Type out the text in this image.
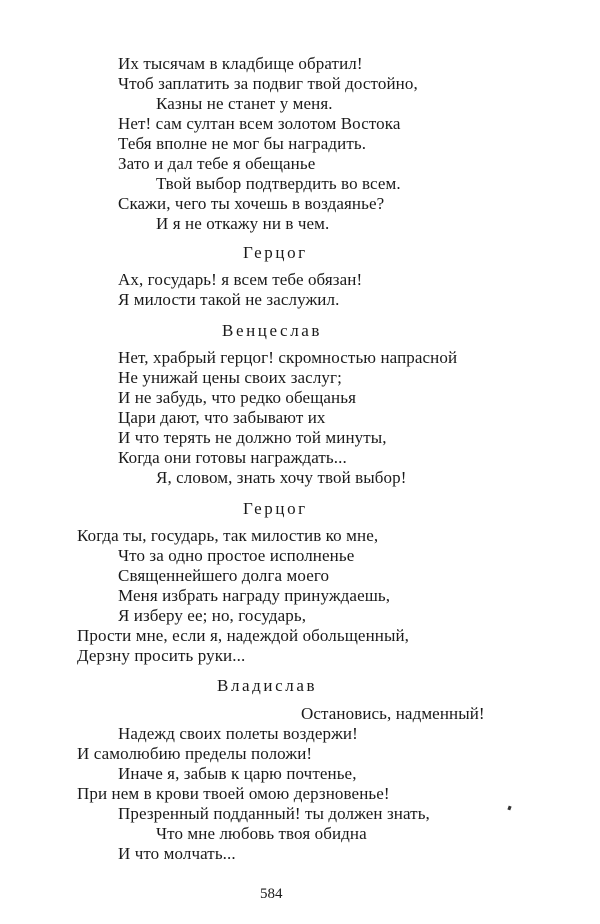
Их тысячам в кладбище обратил!
Чтоб заплатить за подвиг твой достойно,
Казны не станет у меня.
Нет! сам султан всем золотом Востока
Тебя вполне не мог бы наградить.
Зато и дал тебе я обещанье
Твой выбор подтвердить во всем.
Скажи, чего ты хочешь в воздаянье?
И я не откажу ни в чем.
Герцог
Ах, государь! я всем тебе обязан!
Я милости такой не заслужил.
Венцеслав
Нет, храбрый герцог! скромностью напрасной
Не унижай цены своих заслуг;
И не забудь, что редко обещанья
Цари дают, что забывают их
И что терять не должно той минуты,
Когда они готовы награждать...
Я, словом, знать хочу твой выбор!
Герцог
Когда ты, государь, так милостив ко мне,
Что за одно простое исполненье
Священнейшего долга моего
Меня избрать награду принуждаешь,
Я изберу ее; но, государь,
Прости мне, если я, надеждой обольщенный,
Дерзну просить руки...
Владислав
Остановись, надменный!
Надежд своих полеты воздержи!
И самолюбию пределы положи!
Иначе я, забыв к царю почтенье,
При нем в крови твоей омою дерзновенье!
Презренный подданный! ты должен знать,
Что мне любовь твоя обидна
И что молчать...
584
